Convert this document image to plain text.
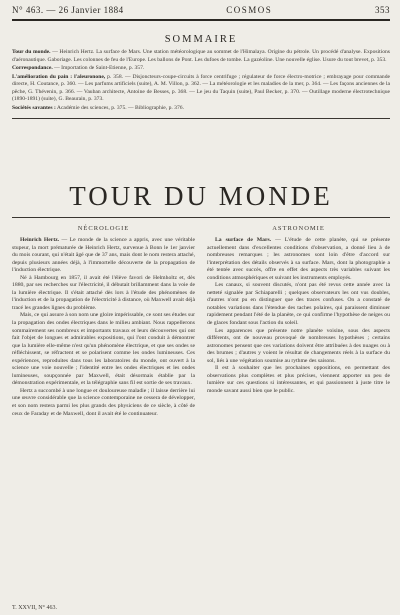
N° 463. — 26 Janvier 1884	COSMOS	353
SOMMAIRE

Tour du monde. — Heinrich Hertz. La surface de Mars. Une station météorologique au sommet de l'Himalaya. Origine du pétrole. Un procédé d'analyse. Expositions d'aéronautique. Gaboriage. Les colonnes de feu de l'Europe. Les ballons de Pont. Les dufoes de tombe. La gazéoline. Une nouvelle église. Usure du tout brevet, p. 353.

Correspondance. — Importation de Saint-Etienne, p. 357.

L'amélioration du pain : l'aleuronone, p. 358. — Disjoncteurs-coupe-circuits à force centrifuge ; régulateur de force électro-motrice ; embrayage pour commande directe, H. Coutance, p. 360. — Les parfums artificiels (suite), A. M. Villon, p. 362. — La météorologie et les maladies de la mer, p. 364. — Les façons anciennes de la pêche, G. Thévenin, p. 366. — Vauban architecte, Antoine de Besses, p. 368. — Le jeu du Taquin (suite), Paul Becker, p. 370. — Outillage moderne électrotechnique (1890-1891) (suite), G. Beaurain, p. 373.

Sociétés savantes : Académie des sciences, p. 375. — Bibliographie, p. 376.

TOUR DU MONDE
NÉCROLOGIE

Heinrich Hertz. — Le monde de la science a appris, avec une véritable stupeur, la mort prématurée de Heinrich Hertz, survenue à Bonn le 1er janvier du mois courant, qui n'était âgé que de 37 ans, mais dont le nom restera attaché, depuis plusieurs années déjà, à l'immortelle découverte de la propagation de l'induction électrique.

Né à Hambourg en 1857, il avait été l'élève favori de Helmholtz et, dès 1880, par ses recherches sur l'électricité, il débutait brillamment dans la voie de la lumière électrique. Il s'était attaché dès lors à l'étude des phénomènes de l'induction et de la propagation de l'électricité à distance, où Maxwell avait déjà tracé les grandes lignes du problème.

Mais, ce qui assure à son nom une gloire impérissable, ce sont ses études sur la propagation des ondes électriques dans le milieu ambiant. Nous rappellerons sommairement ses nombreux et importants travaux et leurs découvertes qui ont fait l'objet de longues et admirables expositions, qui l'ont conduit à démontrer que la lumière elle-même n'est qu'un phénomène électrique, et que ses ondes se réfléchissent, se réfractent et se polarisent comme les ondes lumineuses. Ces expériences, reproduites dans tous les laboratoires du monde, ont ouvert à la science une voie nouvelle ; l'identité entre les ondes électriques et les ondes lumineuses, soupçonnée par Maxwell, était désormais établie par la démonstration expérimentale, et la télégraphie sans fil est sortie de ses travaux.

Hertz a succombé à une longue et douloureuse maladie ; il laisse derrière lui une œuvre considérable que la science contemporaine ne cessera de développer, et son nom restera parmi les plus grands des physiciens de ce siècle, à côté de ceux de Faraday et de Maxwell, dont il avait été le continuateur.

ASTRONOMIE

La surface de Mars. — L'étude de cette planète, qui se présente actuellement dans d'excellentes conditions d'observation, a donné lieu à de nombreuses remarques ; les astronomes sont loin d'être d'accord sur l'interprétation des détails observés à sa surface. Mars, dont la photographie a été tentée avec succès, offre en effet des aspects très variables suivant les conditions atmosphériques et suivant les instruments employés.

Les canaux, si souvent discutés, n'ont pas été revus cette année avec la netteté signalée par Schiaparelli ; quelques observateurs les ont vus doubles, d'autres n'ont pu en distinguer que des traces confuses. On a constaté de notables variations dans l'étendue des taches polaires, qui paraissent diminuer rapidement pendant l'été de la planète, ce qui confirme l'hypothèse de neiges ou de glaces fondant sous l'action du soleil.

Les apparences que présente notre planète voisine, sous des aspects différents, ont de nouveau provoqué de nombreuses hypothèses ; certains astronomes pensent que ces variations doivent être attribuées à des nuages ou à des brumes ; d'autres y voient le résultat de changements réels à la surface du sol, liés à une végétation soumise au rythme des saisons.

Il est à souhaiter que les prochaines oppositions, en permettant des observations plus complètes et plus précises, viennent apporter un peu de lumière sur ces questions si intéressantes, et qui passionnent à juste titre le monde savant aussi bien que le public.

T. XXVII, N° 463.
